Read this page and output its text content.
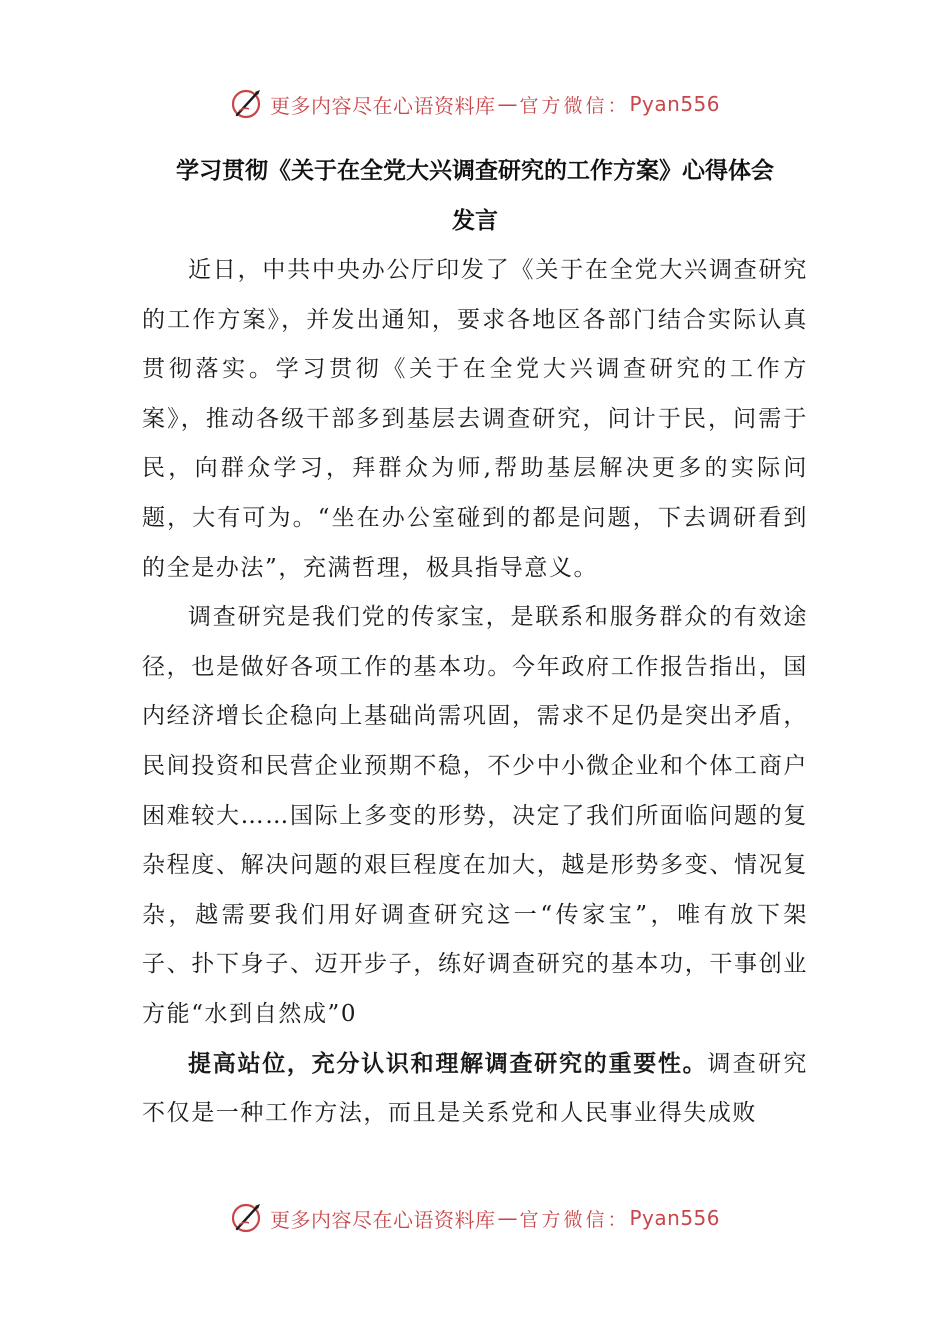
更多内容尽在心语资料库 — 官方微信： Pyan556
学习贯彻《关于在全党大兴调查研究的工作方案》心得体会
发言

近日，中共中央办公厅印发了《关于在全党大兴调查研究的工作方案》，并发出通知，要求各地区各部门结合实际认真贯彻落实。学习贯彻《关于在全党大兴调查研究的工作方案》，推动各级干部多到基层去调查研究，问计于民，问需于民，向群众学习，拜群众为师,帮助基层解决更多的实际问题，大有可为。“坐在办公室碰到的都是问题，下去调研看到的全是办法”，充满哲理，极具指导意义。

调查研究是我们党的传家宝，是联系和服务群众的有效途径，也是做好各项工作的基本功。今年政府工作报告指出，国内经济增长企稳向上基础尚需巩固，需求不足仍是突出矛盾，民间投资和民营企业预期不稳，不少中小微企业和个体工商户困难较大……国际上多变的形势，决定了我们所面临问题的复杂程度、解决问题的艰巨程度在加大，越是形势多变、情况复杂，越需要我们用好调查研究这一“传家宝”，唯有放下架子、扑下身子、迈开步子，练好调查研究的基本功，干事创业方能“水到自然成”0

提高站位，充分认识和理解调查研究的重要性。调查研究不仅是一种工作方法，而且是关系党和人民事业得失成败

更多内容尽在心语资料库 — 官方微信： Pyan556
